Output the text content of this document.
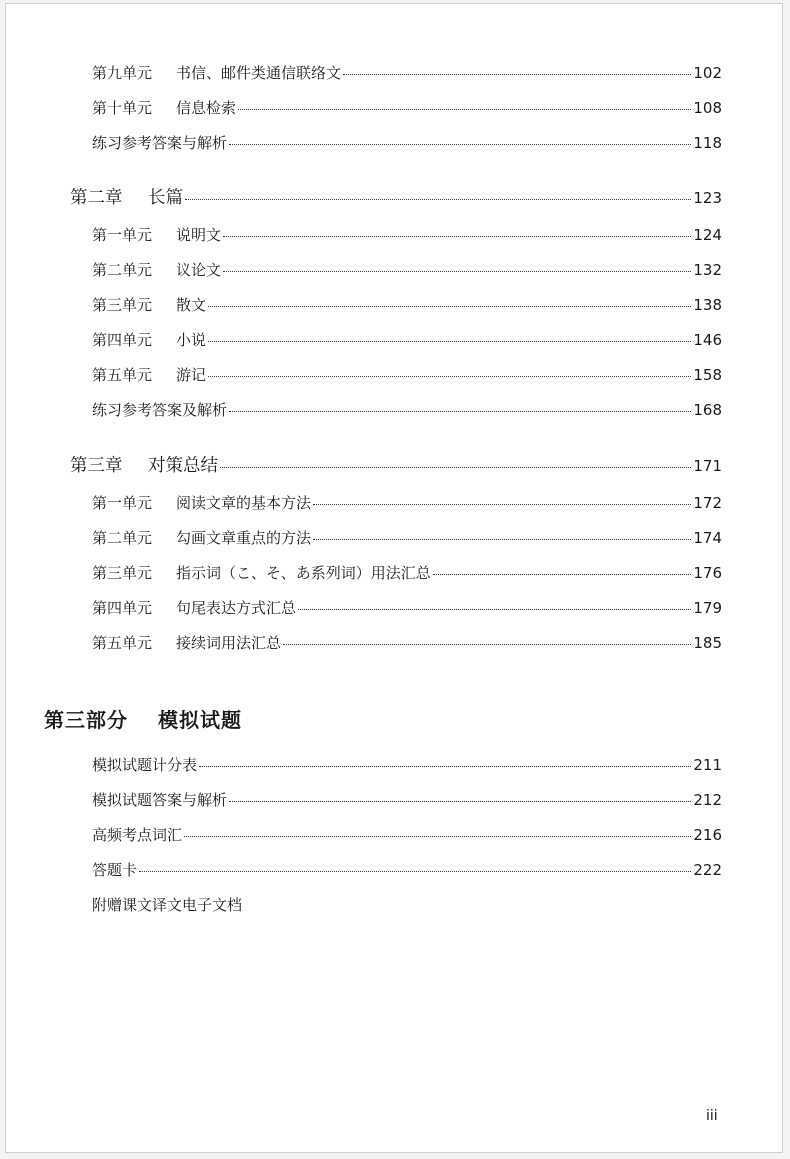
第九单元 书信、邮件类通信联络文	102
第十单元 信息检索	108
练习参考答案与解析	118
第二章 长篇	123
第一单元 说明文	124
第二单元 议论文	132
第三单元 散文	138
第四单元 小说	146
第五单元 游记	158
练习参考答案及解析	168
第三章 对策总结	171
第一单元 阅读文章的基本方法	172
第二单元 勾画文章重点的方法	174
第三单元 指示词（こ、そ、あ系列词）用法汇总	176
第四单元 句尾表达方式汇总	179
第五单元 接续词用法汇总	185
第三部分 模拟试题
模拟试题计分表	211
模拟试题答案与解析	212
高频考点词汇	216
答题卡	222
附赠课文译文电子文档
iii
